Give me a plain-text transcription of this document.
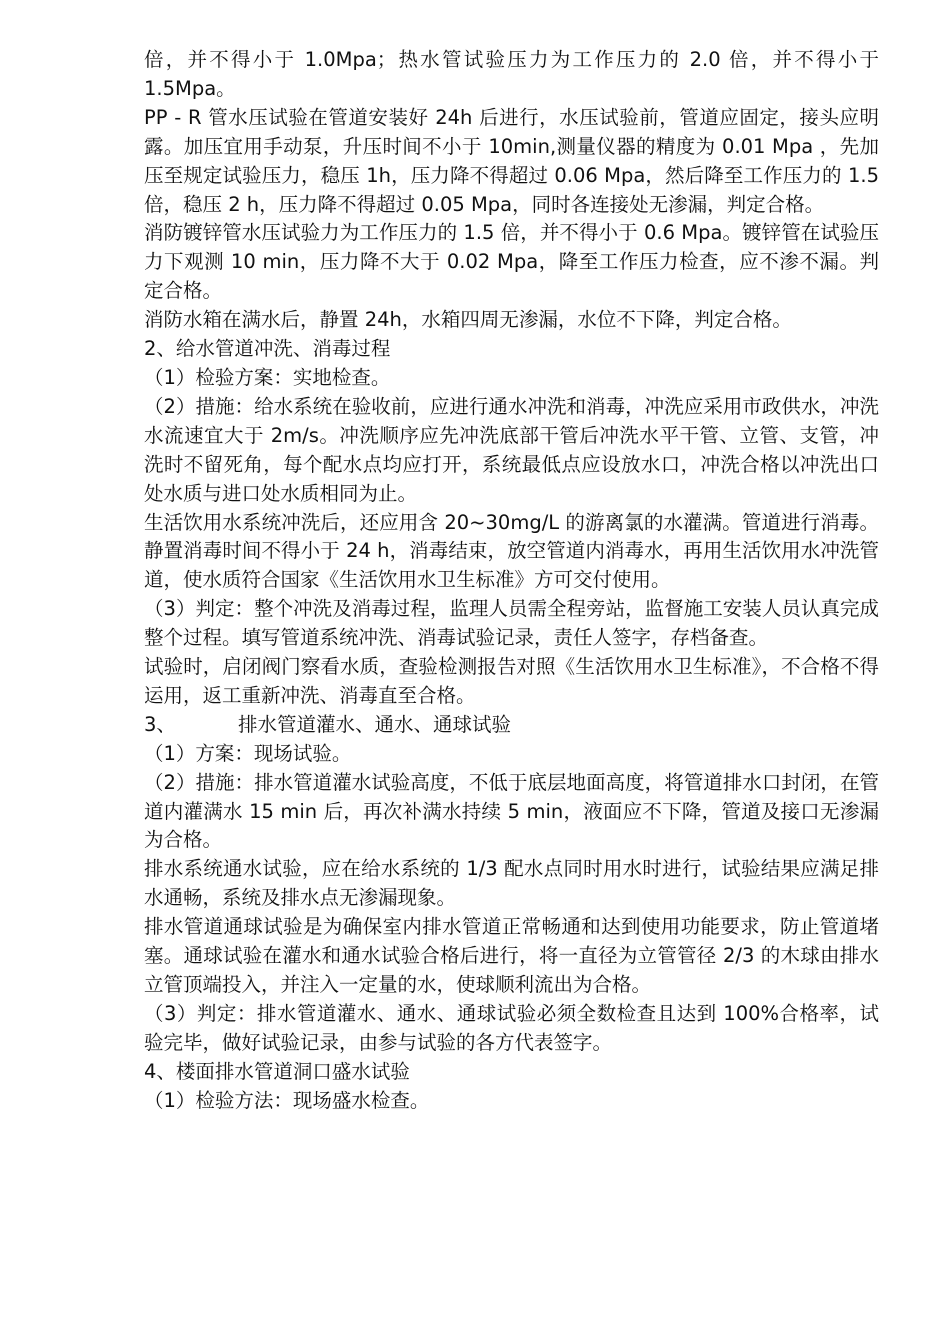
倍，并不得小于 1.0Mpa；热水管试验压力为工作压力的 2.0 倍，并不得小于 1.5Mpa。

PP - R 管水压试验在管道安装好 24h 后进行，水压试验前，管道应固定，接头应明露。加压宜用手动泵，升压时间不小于 10min,测量仪器的精度为 0.01 Mpa ，先加压至规定试验压力，稳压 1h，压力降不得超过 0.06 Mpa，然后降至工作压力的 1.5 倍，稳压 2 h，压力降不得超过 0.05 Mpa，同时各连接处无渗漏，判定合格。

消防镀锌管水压试验力为工作压力的 1.5 倍，并不得小于 0.6 Mpa。镀锌管在试验压力下观测 10 min，压力降不大于 0.02 Mpa，降至工作压力检查，应不渗不漏。判定合格。

消防水箱在满水后，静置 24h，水箱四周无渗漏，水位不下降，判定合格。

2、给水管道冲洗、消毒过程

（1）检验方案：实地检查。

（2）措施：给水系统在验收前，应进行通水冲洗和消毒，冲洗应采用市政供水，冲洗水流速宜大于 2m/s。冲洗顺序应先冲洗底部干管后冲洗水平干管、立管、支管，冲洗时不留死角，每个配水点均应打开，系统最低点应设放水口，冲洗合格以冲洗出口处水质与进口处水质相同为止。

生活饮用水系统冲洗后，还应用含 20~30mg/L 的游离氯的水灌满。管道进行消毒。静置消毒时间不得小于 24 h，消毒结束，放空管道内消毒水，再用生活饮用水冲洗管道，使水质符合国家《生活饮用水卫生标准》方可交付使用。

（3）判定：整个冲洗及消毒过程，监理人员需全程旁站，监督施工安装人员认真完成整个过程。填写管道系统冲洗、消毒试验记录，责任人签字，存档备查。

试验时，启闭阀门察看水质，查验检测报告对照《生活饮用水卫生标准》，不合格不得运用，返工重新冲洗、消毒直至合格。

3、	排水管道灌水、通水、通球试验

（1）方案：现场试验。

（2）措施：排水管道灌水试验高度，不低于底层地面高度，将管道排水口封闭，在管道内灌满水 15 min 后，再次补满水持续 5 min，液面应不下降，管道及接口无渗漏为合格。

排水系统通水试验，应在给水系统的 1/3 配水点同时用水时进行，试验结果应满足排水通畅，系统及排水点无渗漏现象。

排水管道通球试验是为确保室内排水管道正常畅通和达到使用功能要求，防止管道堵塞。通球试验在灌水和通水试验合格后进行，将一直径为立管管径 2/3 的木球由排水立管顶端投入，并注入一定量的水，使球顺利流出为合格。

（3）判定：排水管道灌水、通水、通球试验必须全数检查且达到 100%合格率，试验完毕，做好试验记录，由参与试验的各方代表签字。

4、楼面排水管道洞口盛水试验

（1）检验方法：现场盛水检查。
